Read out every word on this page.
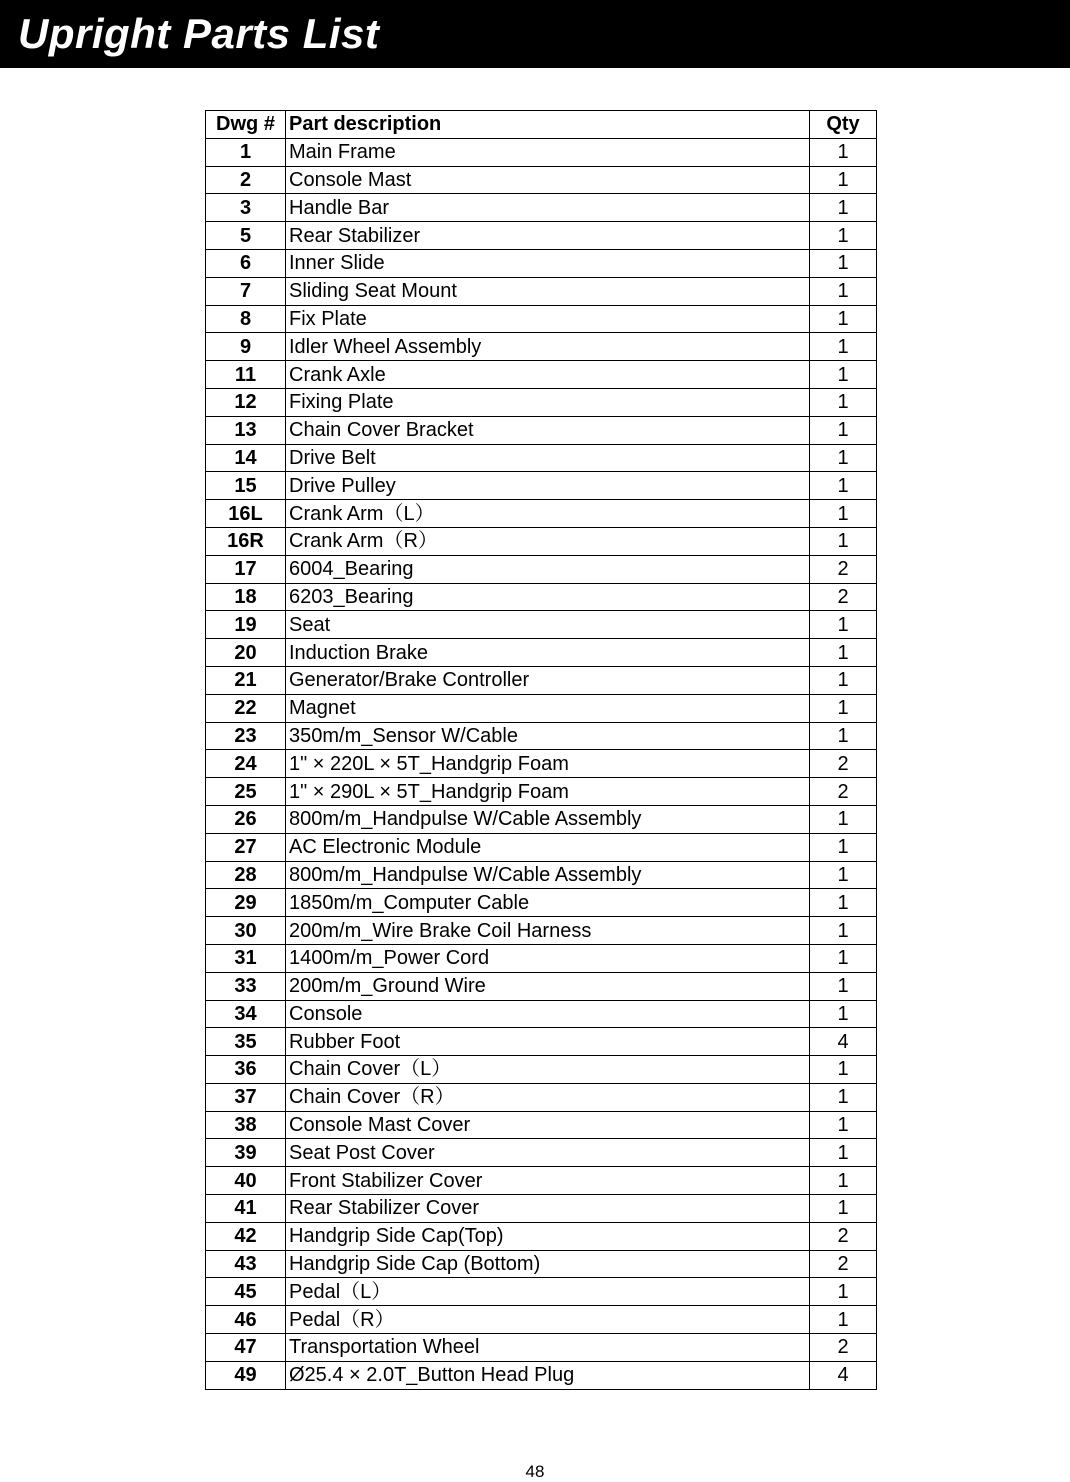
Upright Parts List
Dwg #	Part description	Qty
1	Main Frame	1
2	Console Mast	1
3	Handle Bar	1
5	Rear Stabilizer	1
6	Inner Slide	1
7	Sliding Seat Mount	1
8	Fix Plate	1
9	Idler Wheel Assembly	1
11	Crank Axle	1
12	Fixing Plate	1
13	Chain Cover Bracket	1
14	Drive Belt	1
15	Drive Pulley	1
16L	Crank Arm（L）	1
16R	Crank Arm（R）	1
17	6004_Bearing	2
18	6203_Bearing	2
19	Seat	1
20	Induction Brake	1
21	Generator/Brake Controller	1
22	Magnet	1
23	350m/m_Sensor W/Cable	1
24	1" × 220L × 5T_Handgrip Foam	2
25	1" × 290L × 5T_Handgrip Foam	2
26	800m/m_Handpulse W/Cable Assembly	1
27	AC Electronic Module	1
28	800m/m_Handpulse W/Cable Assembly	1
29	1850m/m_Computer Cable	1
30	200m/m_Wire Brake Coil Harness	1
31	1400m/m_Power Cord	1
33	200m/m_Ground Wire	1
34	Console	1
35	Rubber Foot	4
36	Chain Cover（L）	1
37	Chain Cover（R）	1
38	Console Mast Cover	1
39	Seat Post Cover	1
40	Front Stabilizer Cover	1
41	Rear Stabilizer Cover	1
42	Handgrip Side Cap(Top)	2
43	Handgrip Side Cap (Bottom)	2
45	Pedal（L）	1
46	Pedal（R）	1
47	Transportation Wheel	2
49	Ø25.4 × 2.0T_Button Head Plug	4
48
